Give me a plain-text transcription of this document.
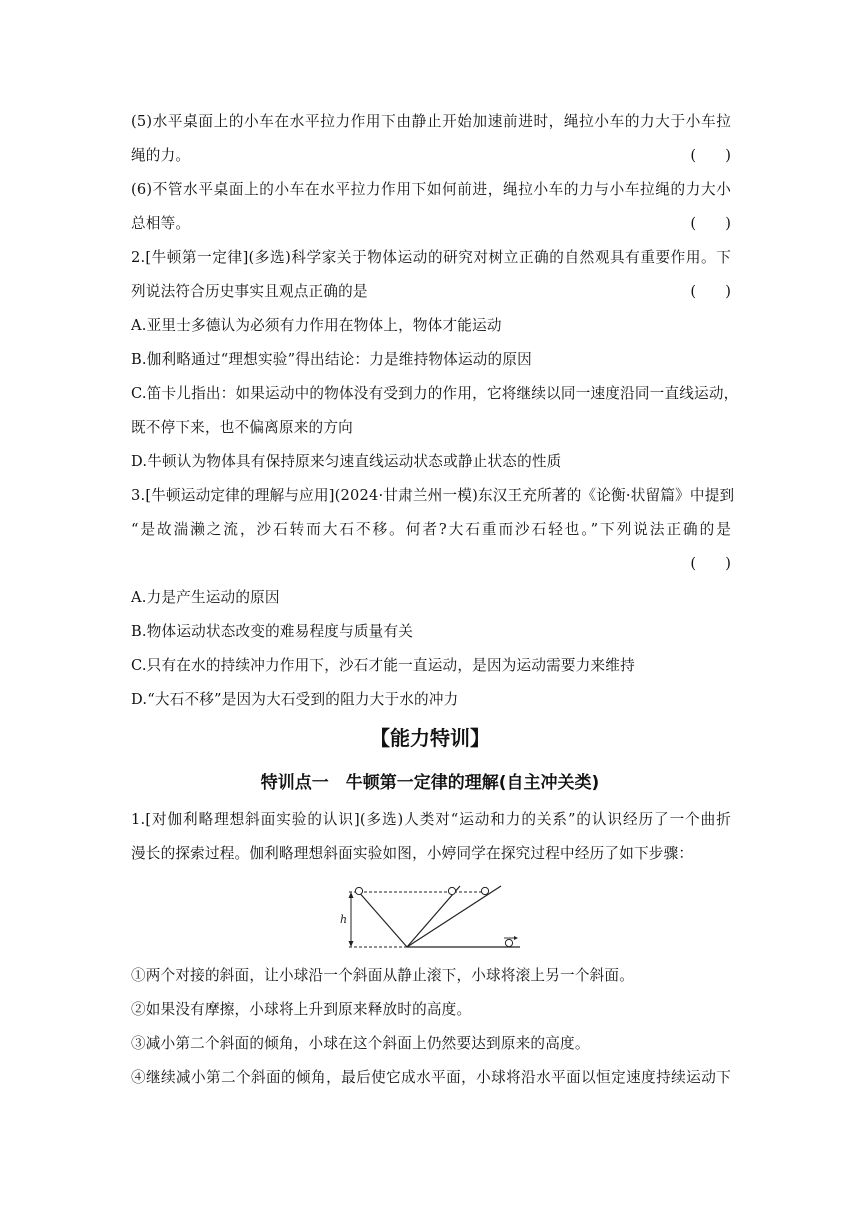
(5)水平桌面上的小车在水平拉力作用下由静止开始加速前进时，绳拉小车的力大于小车拉
绳的力。	(　　)
(6)不管水平桌面上的小车在水平拉力作用下如何前进，绳拉小车的力与小车拉绳的力大小
总相等。	(　　)
2.[牛顿第一定律](多选)科学家关于物体运动的研究对树立正确的自然观具有重要作用。下
列说法符合历史事实且观点正确的是	(　　)
A.亚里士多德认为必须有力作用在物体上，物体才能运动
B.伽利略通过“理想实验”得出结论：力是维持物体运动的原因
C.笛卡儿指出：如果运动中的物体没有受到力的作用，它将继续以同一速度沿同一直线运动，
既不停下来，也不偏离原来的方向
D.牛顿认为物体具有保持原来匀速直线运动状态或静止状态的性质
3.[牛顿运动定律的理解与应用](2024·甘肃兰州一模)东汉王充所著的《论衡·状留篇》中提到
“是故湍濑之流，沙石转而大石不移。何者?大石重而沙石轻也。”下列说法正确的是
(　　)
A.力是产生运动的原因
B.物体运动状态改变的难易程度与质量有关
C.只有在水的持续冲力作用下，沙石才能一直运动，是因为运动需要力来维持
D.“大石不移”是因为大石受到的阻力大于水的冲力
【能力特训】
特训点一　牛顿第一定律的理解(自主冲关类)
1.[对伽利略理想斜面实验的认识](多选)人类对“运动和力的关系”的认识经历了一个曲折
漫长的探索过程。伽利略理想斜面实验如图，小婷同学在探究过程中经历了如下步骤：
h
①两个对接的斜面，让小球沿一个斜面从静止滚下，小球将滚上另一个斜面。
②如果没有摩擦，小球将上升到原来释放时的高度。
③减小第二个斜面的倾角，小球在这个斜面上仍然要达到原来的高度。
④继续减小第二个斜面的倾角，最后使它成水平面，小球将沿水平面以恒定速度持续运动下
